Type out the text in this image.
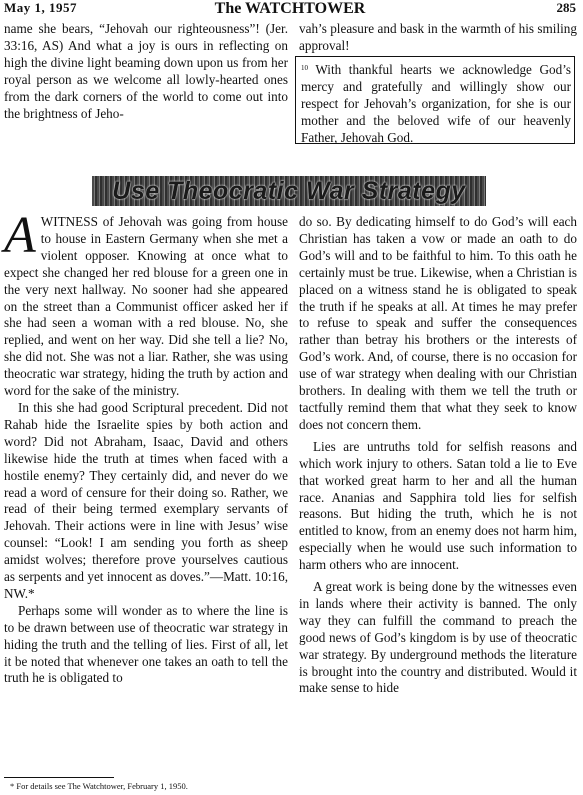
May 1, 1957	The WATCHTOWER	285

name she bears, “Jehovah our righteousness”! (Jer. 33:16, AS) And what a joy is ours in reflecting on high the divine light beaming down upon us from her royal person as we welcome all lowly-hearted ones from the dark corners of the world to come out into the brightness of Jeho-

vah’s pleasure and bask in the warmth of his smiling approval!

$^{10}$ With thankful hearts we acknowledge God’s mercy and gratefully and willingly show our respect for Jehovah’s organization, for she is our mother and the beloved wife of our heavenly Father, Jehovah God.
Use Theocratic War Strategy

AWITNESS of Jehovah was going from house to house in Eastern Germany when she met a violent opposer. Knowing at once what to expect she changed her red blouse for a green one in the very next hallway. No sooner had she appeared on the street than a Communist officer asked her if she had seen a woman with a red blouse. No, she replied, and went on her way. Did she tell a lie? No, she did not. She was not a liar. Rather, she was using theocratic war strategy, hiding the truth by action and word for the sake of the ministry.

In this she had good Scriptural precedent. Did not Rahab hide the Israelite spies by both action and word? Did not Abraham, Isaac, David and others likewise hide the truth at times when faced with a hostile enemy? They certainly did, and never do we read a word of censure for their doing so. Rather, we read of their being termed exemplary servants of Jehovah. Their actions were in line with Jesus’ wise counsel: “Look! I am sending you forth as sheep amidst wolves; therefore prove yourselves cautious as serpents and yet innocent as doves.”—Matt. 10:16, NW.*

Perhaps some will wonder as to where the line is to be drawn between use of theocratic war strategy in hiding the truth and the telling of lies. First of all, let it be noted that whenever one takes an oath to tell the truth he is obligated to

do so. By dedicating himself to do God’s will each Christian has taken a vow or made an oath to do God’s will and to be faithful to him. To this oath he certainly must be true. Likewise, when a Christian is placed on a witness stand he is obligated to speak the truth if he speaks at all. At times he may prefer to refuse to speak and suffer the consequences rather than betray his brothers or the interests of God’s work. And, of course, there is no occasion for use of war strategy when dealing with our Christian brothers. In dealing with them we tell the truth or tactfully remind them that what they seek to know does not concern them.

Lies are untruths told for selfish reasons and which work injury to others. Satan told a lie to Eve that worked great harm to her and all the human race. Ananias and Sapphira told lies for selfish reasons. But hiding the truth, which he is not entitled to know, from an enemy does not harm him, especially when he would use such information to harm others who are innocent.

A great work is being done by the witnesses even in lands where their activity is banned. The only way they can fulfill the command to preach the good news of God’s kingdom is by use of theocratic war strategy. By underground methods the literature is brought into the country and distributed. Would it make sense to hide

* For details see The Watchtower, February 1, 1950.
